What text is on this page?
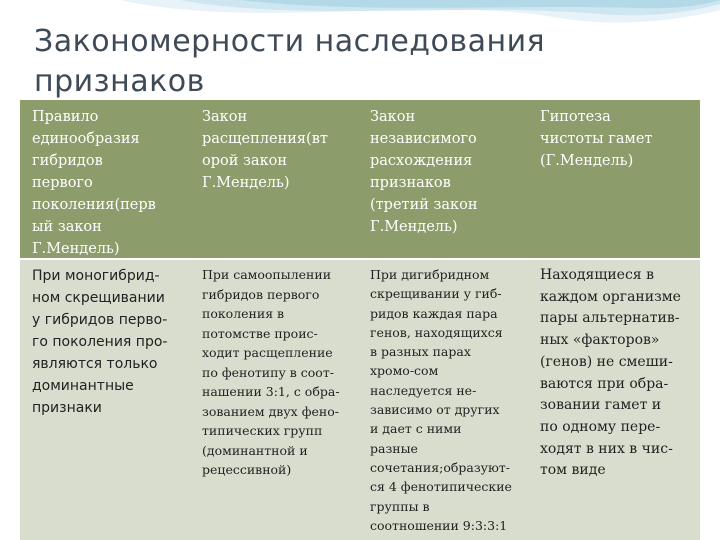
Закономерности наследования
признаков
Правило
единообразия
гибридов
первого
поколения(перв
ый закон
Г.Мендель)
Закон
расщепления(вт
орой закон
Г.Мендель)
Закон
независимого
расхождения
признаков
(третий закон
Г.Мендель)
Гипотеза
чистоты гамет
(Г.Мендель)
При моногибрид-
ном скрещивании
у гибридов перво-
го поколения про-
являются только
доминантные
признаки
При самоопылении
гибридов первого
поколения в
потомстве проис-
ходит расщепление
по фенотипу в соот-
нашении 3:1, с обра-
зованием двух фено-
типических групп
(доминантной и
рецессивной)
При дигибридном
скрещивании у гиб-
ридов каждая пара
генов, находящихся
в разных парах
хромо-сом
наследуется не-
зависимо от других
и дает с ними
разные
сочетания;образуют-
ся 4 фенотипические
группы в
соотношении 9:3:3:1
Находящиеся в
каждом организме
пары альтернатив-
ных «факторов»
(генов) не смеши-
ваются при обра-
зовании гамет и
по одному пере-
ходят в них в чис-
том виде
